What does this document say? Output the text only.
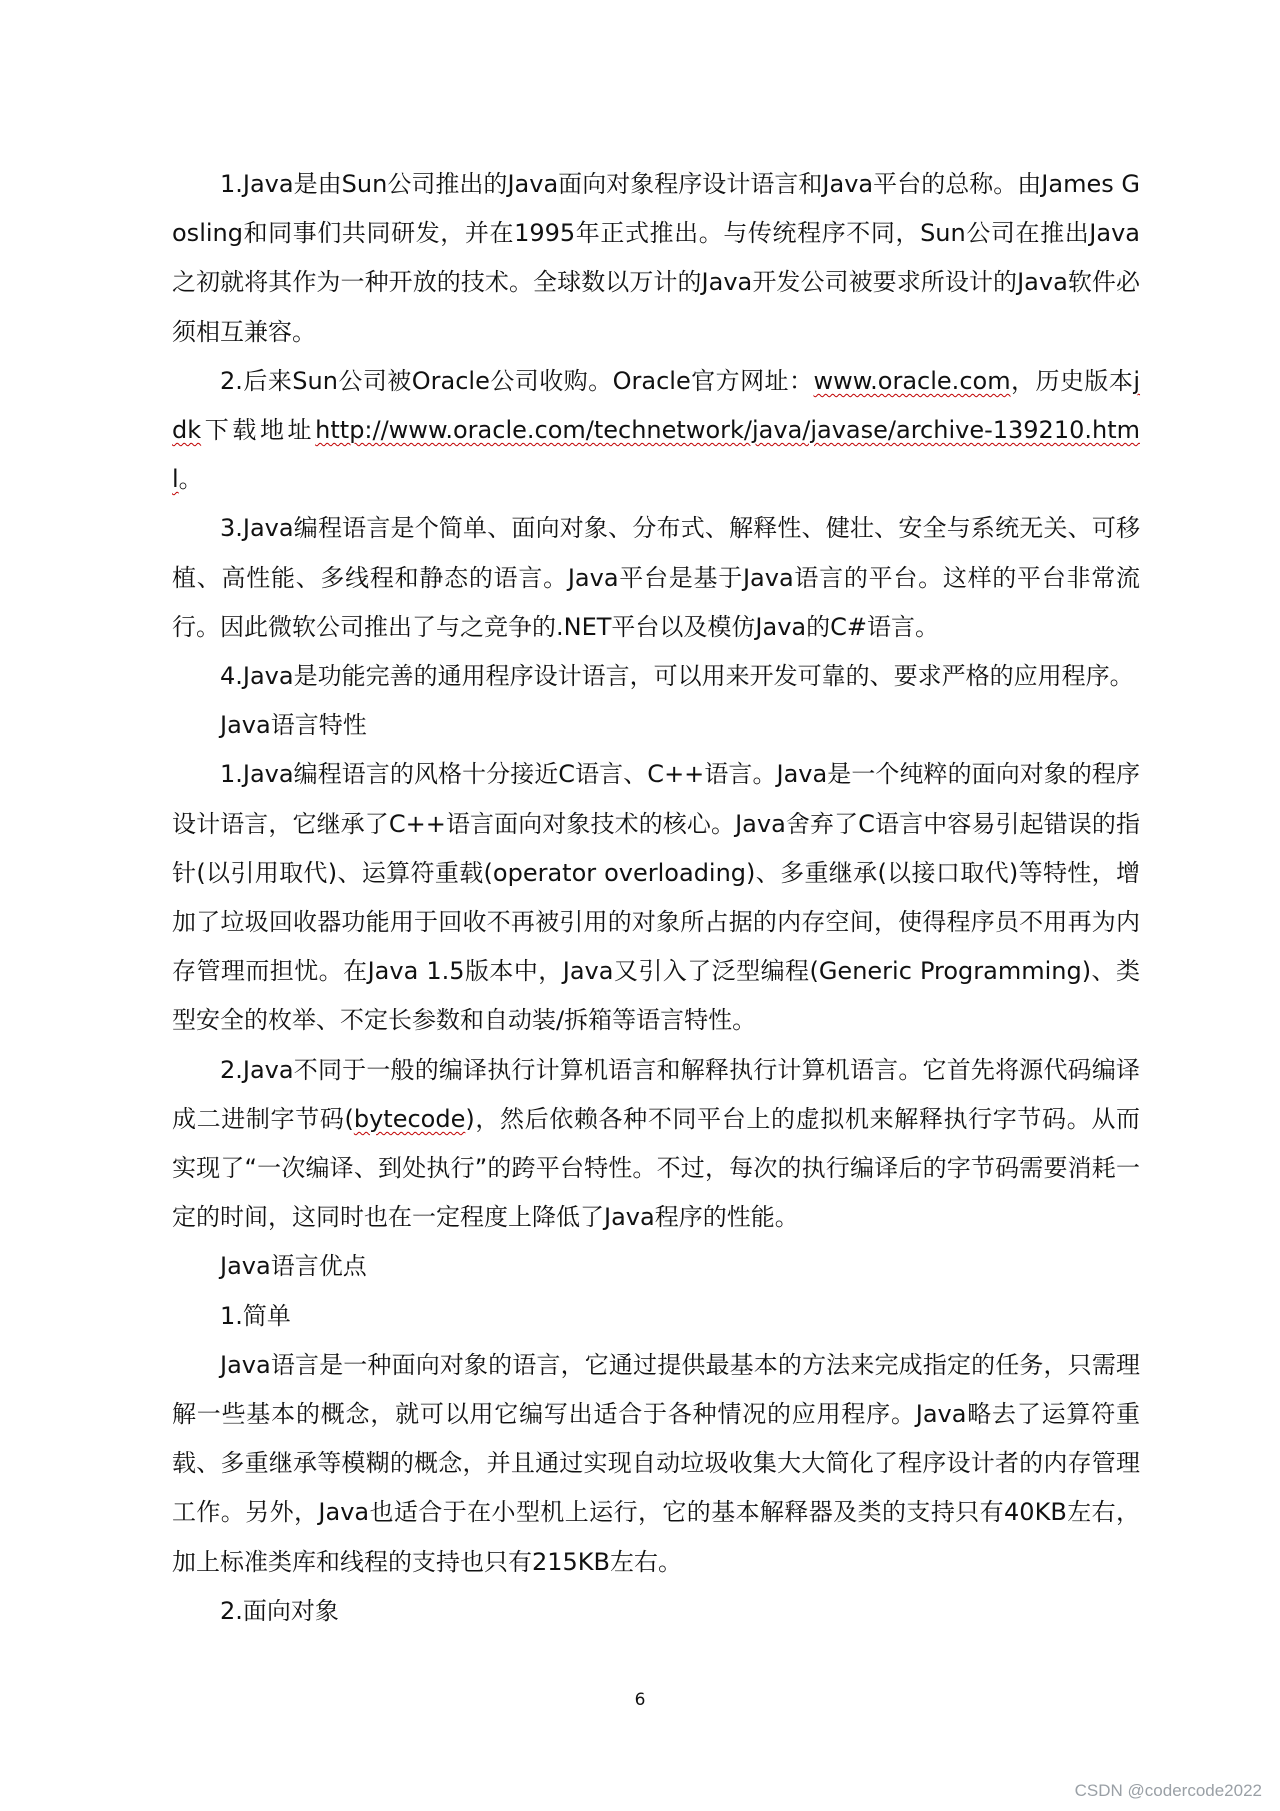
1.Java是由Sun公司推出的Java面向对象程序设计语言和Java平台的总称。由James Gosling和同事们共同研发，并在1995年正式推出。与传统程序不同，Sun公司在推出Java之初就将其作为一种开放的技术。全球数以万计的Java开发公司被要求所设计的Java软件必须相互兼容。

2.后来Sun公司被Oracle公司收购。Oracle官方网址：www.oracle.com，历史版本jdk下载地址http://www.oracle.com/technetwork/java/javase/archive-139210.html。

3.Java编程语言是个简单、面向对象、分布式、解释性、健壮、安全与系统无关、可移植、高性能、多线程和静态的语言。Java平台是基于Java语言的平台。这样的平台非常流行。因此微软公司推出了与之竞争的.NET平台以及模仿Java的C#语言。

4.Java是功能完善的通用程序设计语言，可以用来开发可靠的、要求严格的应用程序。

Java语言特性

1.Java编程语言的风格十分接近C语言、C++语言。Java是一个纯粹的面向对象的程序设计语言，它继承了C++语言面向对象技术的核心。Java舍弃了C语言中容易引起错误的指针(以引用取代)、运算符重载(operator overloading)、多重继承(以接口取代)等特性，增加了垃圾回收器功能用于回收不再被引用的对象所占据的内存空间，使得程序员不用再为内存管理而担忧。在Java 1.5版本中，Java又引入了泛型编程(Generic Programming)、类型安全的枚举、不定长参数和自动装/拆箱等语言特性。

2.Java不同于一般的编译执行计算机语言和解释执行计算机语言。它首先将源代码编译成二进制字节码(bytecode)，然后依赖各种不同平台上的虚拟机来解释执行字节码。从而实现了“一次编译、到处执行”的跨平台特性。不过，每次的执行编译后的字节码需要消耗一定的时间，这同时也在一定程度上降低了Java程序的性能。

Java语言优点

1.简单

Java语言是一种面向对象的语言，它通过提供最基本的方法来完成指定的任务，只需理解一些基本的概念，就可以用它编写出适合于各种情况的应用程序。Java略去了运算符重载、多重继承等模糊的概念，并且通过实现自动垃圾收集大大简化了程序设计者的内存管理工作。另外，Java也适合于在小型机上运行，它的基本解释器及类的支持只有40KB左右，加上标准类库和线程的支持也只有215KB左右。

2.面向对象

6
CSDN @codercode2022
